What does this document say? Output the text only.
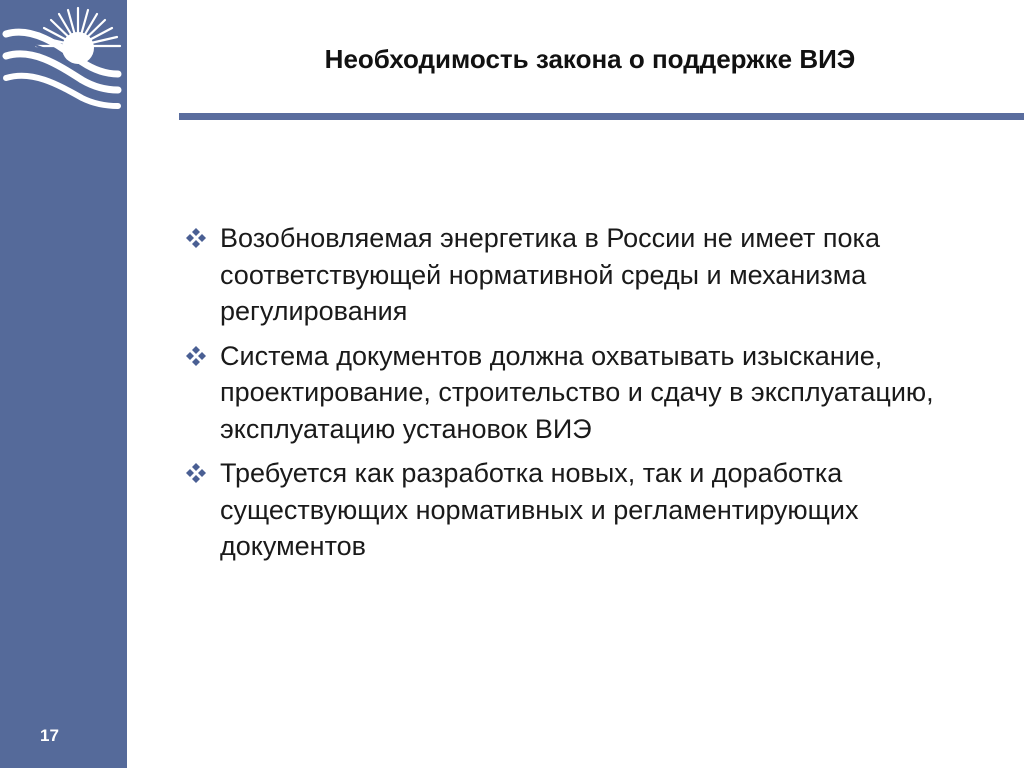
17
Необходимость закона о поддержке ВИЭ
Возобновляемая энергетика в России не имеет пока соответствующей нормативной среды и механизма регулирования
Система документов должна охватывать изыскание, проектирование, строительство и сдачу в эксплуатацию, эксплуатацию установок ВИЭ
Требуется как разработка новых, так и доработка существующих нормативных и регламентирующих документов
